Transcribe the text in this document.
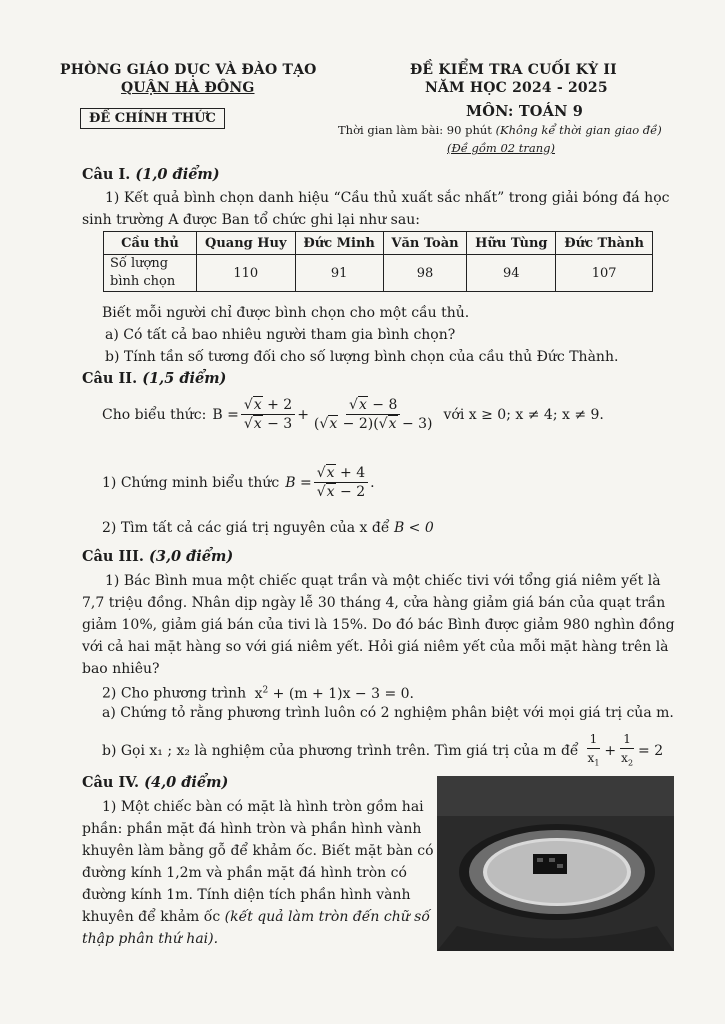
PHÒNG GIÁO DỤC VÀ ĐÀO TẠO
QUẬN HÀ ĐÔNG
ĐỀ CHÍNH THỨC
ĐỀ KIỂM TRA CUỐI KỲ II
NĂM HỌC 2024 - 2025
MÔN: TOÁN 9
Thời gian làm bài: 90 phút (Không kể thời gian giao đề)
(Đề gồm 02 trang)
Câu I. (1,0 điểm)
1) Kết quả bình chọn danh hiệu “Cầu thủ xuất sắc nhất” trong giải bóng đá học
sinh trường A được Ban tổ chức ghi lại như sau:
Cầu thủ	Quang Huy	Đức Minh	Văn Toàn	Hữu Tùng	Đức Thành
Số lượng
bình chọn	110	91	98	94	107
Biết mỗi người chỉ được bình chọn cho một cầu thủ.
a) Có tất cả bao nhiêu người tham gia bình chọn?
b) Tính tần số tương đối cho số lượng bình chọn của cầu thủ Đức Thành.
Câu II. (1,5 điểm)
Cho biểu thức: $B = \frac{√x + 2}{√x - 3} + \frac{√x - 8}{(√x - 2)(√x - 3)}$ với x ≥ 0; x ≠ 4; x ≠ 9.
1) Chứng minh biểu thức $B = \frac{√x + 4}{√x - 2}$ .
2) Tìm tất cả các giá trị nguyên của x để B < 0
Câu III. (3,0 điểm)
1) Bác Bình mua một chiếc quạt trần và một chiếc tivi với tổng giá niêm yết là
7,7 triệu đồng. Nhân dịp ngày lễ 30 tháng 4, cửa hàng giảm giá bán của quạt trần
giảm 10%, giảm giá bán của tivi là 15%. Do đó bác Bình được giảm 980 nghìn đồng
với cả hai mặt hàng so với giá niêm yết. Hỏi giá niêm yết của mỗi mặt hàng trên là
bao nhiêu?
2) Cho phương trình $x^2 + (m + 1)x - 3 = 0$.
a) Chứng tỏ rằng phương trình luôn có 2 nghiệm phân biệt với mọi giá trị của m.
b) Gọi x₁ ; x₂ là nghiệm của phương trình trên. Tìm giá trị của m để $\frac{1}{x_1} + \frac{1}{x_2} = 2$
Câu IV. (4,0 điểm)
1) Một chiếc bàn có mặt là hình tròn gồm hai
phần: phần mặt đá hình tròn và phần hình vành
khuyên làm bằng gỗ để khảm ốc. Biết mặt bàn có
đường kính 1,2m và phần mặt đá hình tròn có
đường kính 1m. Tính diện tích phần hình vành
khuyên để khảm ốc (kết quả làm tròn đến chữ số
thập phân thứ hai).
